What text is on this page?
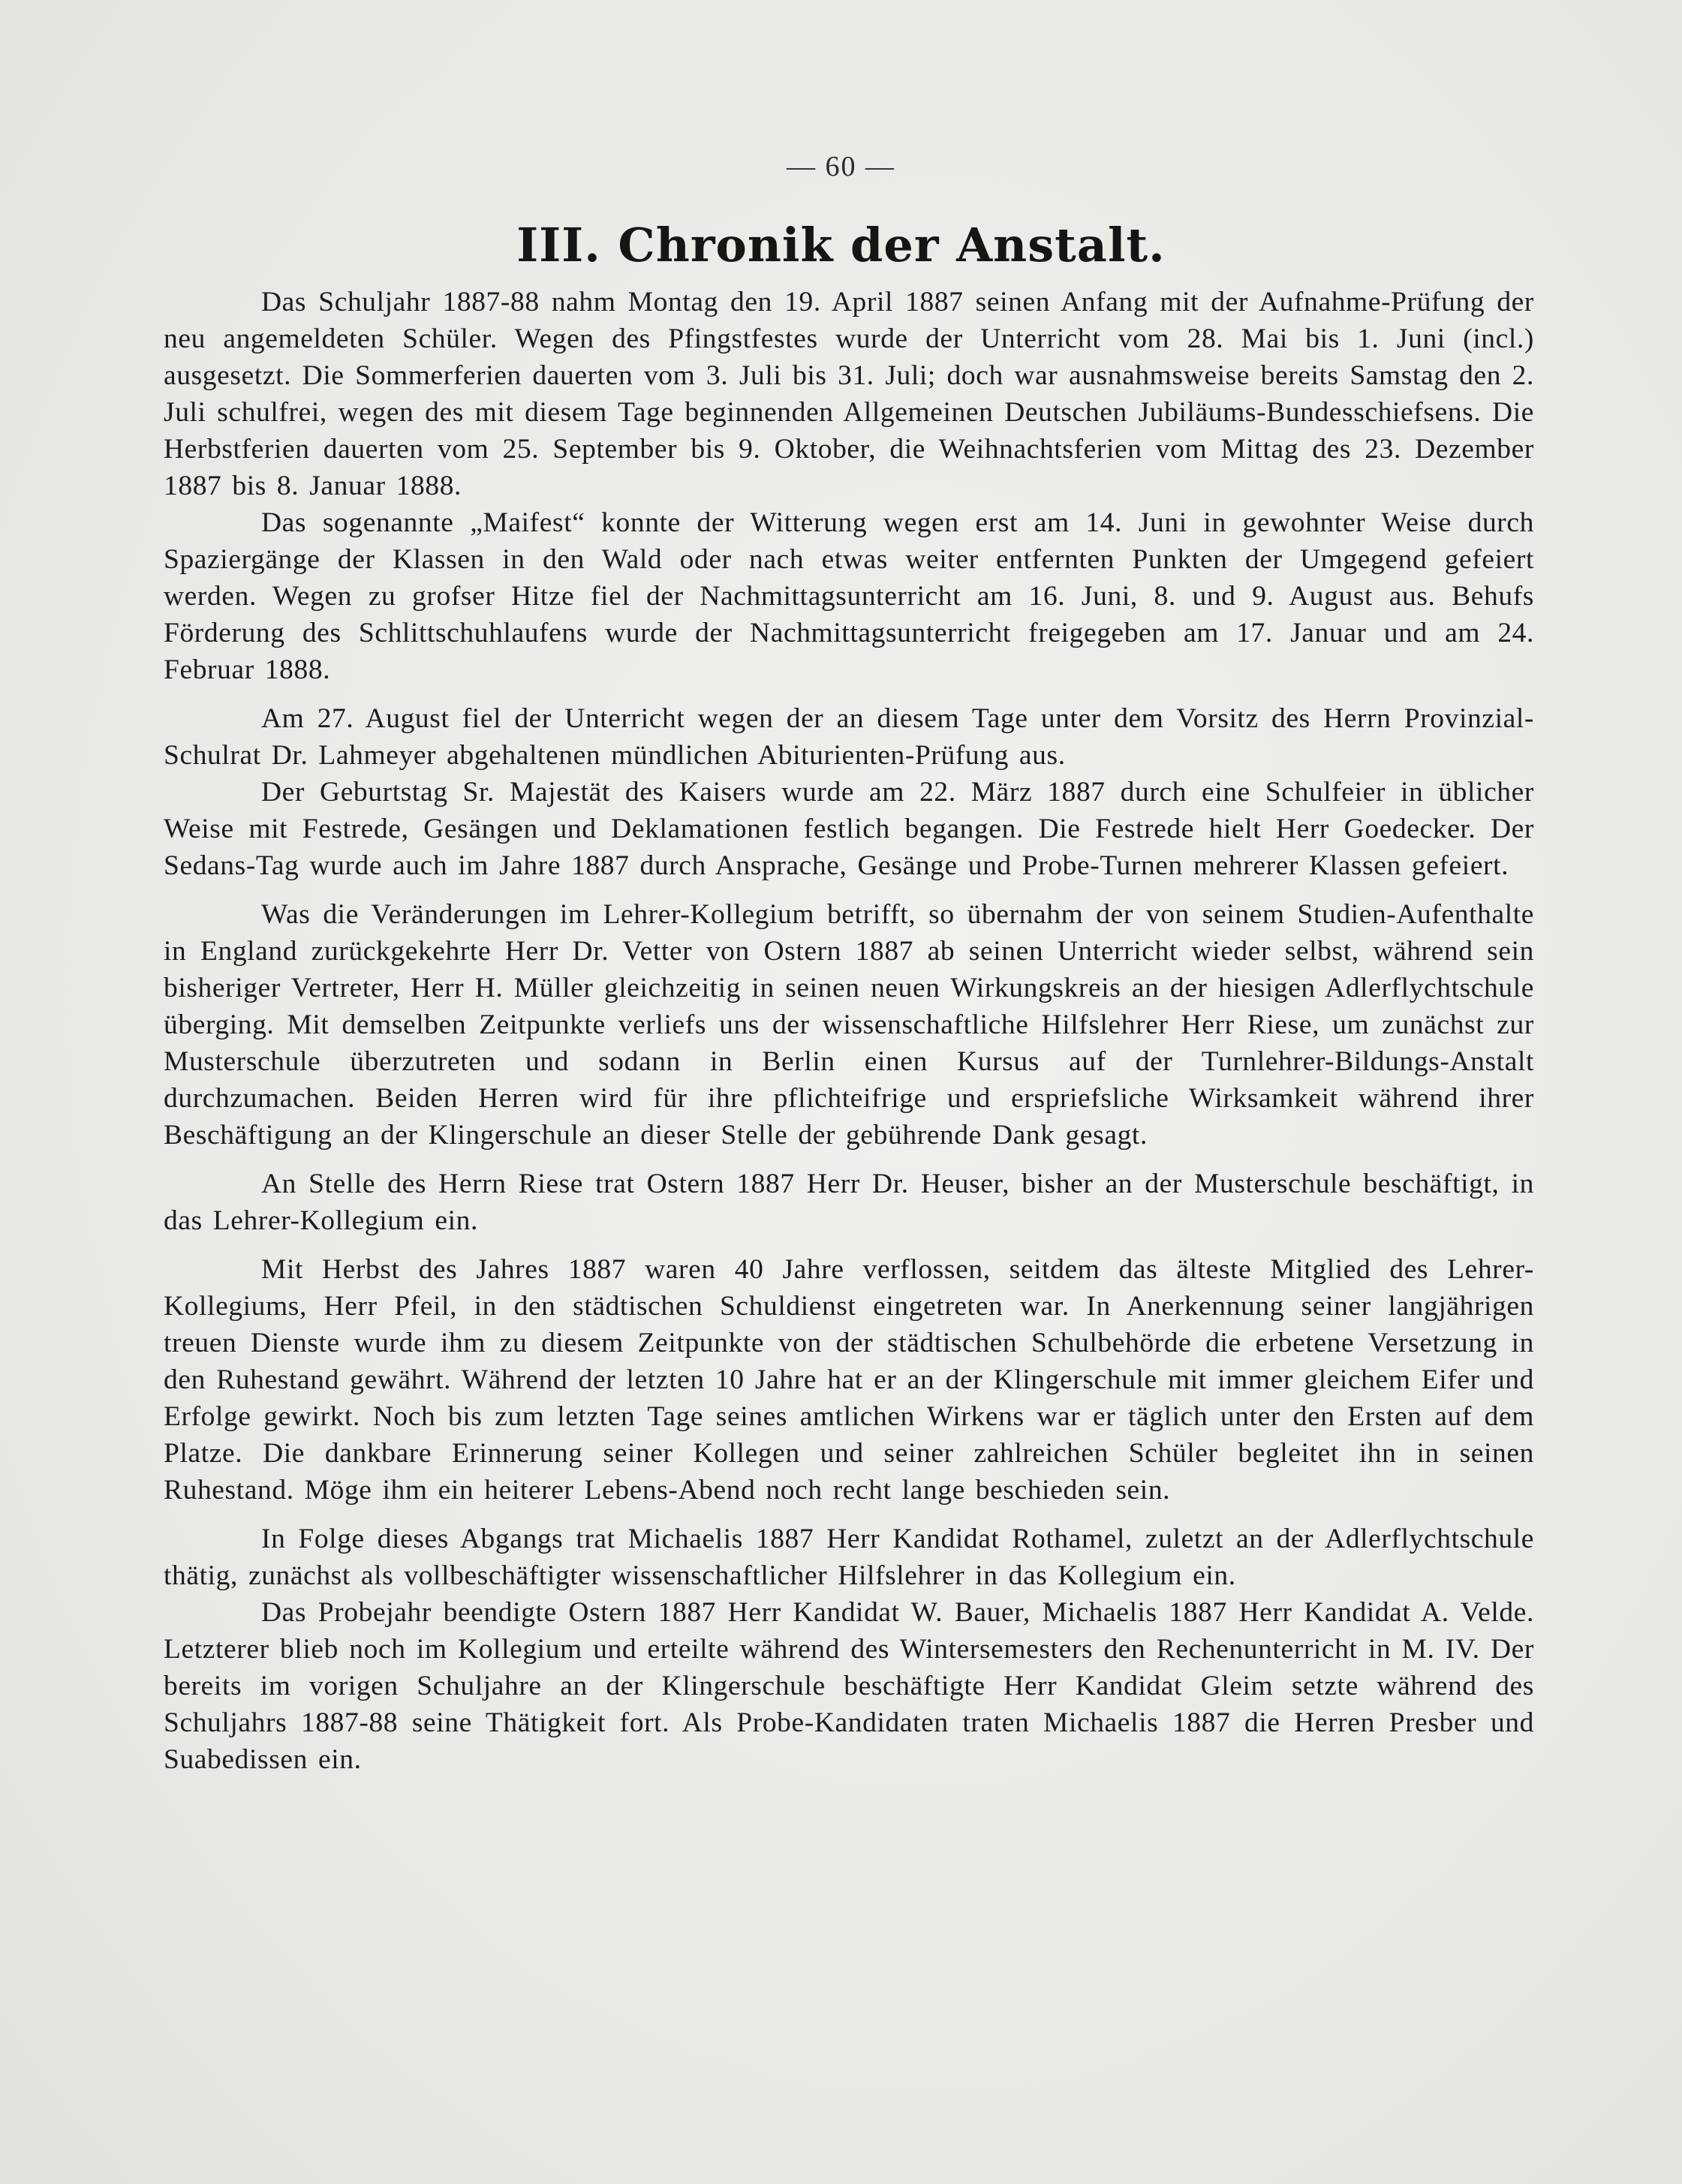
— 60 —
III. Chronik der Anstalt.

Das Schuljahr 1887-88 nahm Montag den 19. April 1887 seinen Anfang mit der Aufnahme-Prüfung der neu angemeldeten Schüler. Wegen des Pfingstfestes wurde der Unterricht vom 28. Mai bis 1. Juni (incl.) ausgesetzt. Die Sommerferien dauerten vom 3. Juli bis 31. Juli; doch war ausnahmsweise bereits Samstag den 2. Juli schulfrei, wegen des mit diesem Tage beginnenden Allgemeinen Deutschen Jubiläums-Bundesschiefsens. Die Herbstferien dauerten vom 25. September bis 9. Oktober, die Weihnachtsferien vom Mittag des 23. Dezember 1887 bis 8. Januar 1888.

Das sogenannte „Maifest“ konnte der Witterung wegen erst am 14. Juni in gewohnter Weise durch Spaziergänge der Klassen in den Wald oder nach etwas weiter entfernten Punkten der Umgegend gefeiert werden. Wegen zu grofser Hitze fiel der Nachmittagsunterricht am 16. Juni, 8. und 9. August aus. Behufs Förderung des Schlittschuhlaufens wurde der Nachmittagsunterricht freigegeben am 17. Januar und am 24. Februar 1888.

Am 27. August fiel der Unterricht wegen der an diesem Tage unter dem Vorsitz des Herrn Provinzial-Schulrat Dr. Lahmeyer abgehaltenen mündlichen Abiturienten-Prüfung aus.

Der Geburtstag Sr. Majestät des Kaisers wurde am 22. März 1887 durch eine Schulfeier in üblicher Weise mit Festrede, Gesängen und Deklamationen festlich begangen. Die Festrede hielt Herr Goedecker. Der Sedans-Tag wurde auch im Jahre 1887 durch Ansprache, Gesänge und Probe-Turnen mehrerer Klassen gefeiert.

Was die Veränderungen im Lehrer-Kollegium betrifft, so übernahm der von seinem Studien-Aufenthalte in England zurückgekehrte Herr Dr. Vetter von Ostern 1887 ab seinen Unterricht wieder selbst, während sein bisheriger Vertreter, Herr H. Müller gleichzeitig in seinen neuen Wirkungskreis an der hiesigen Adlerflychtschule überging. Mit demselben Zeitpunkte verliefs uns der wissenschaftliche Hilfslehrer Herr Riese, um zunächst zur Musterschule überzutreten und sodann in Berlin einen Kursus auf der Turnlehrer-Bildungs-Anstalt durchzumachen. Beiden Herren wird für ihre pflichteifrige und erspriefsliche Wirksamkeit während ihrer Beschäftigung an der Klingerschule an dieser Stelle der gebührende Dank gesagt.

An Stelle des Herrn Riese trat Ostern 1887 Herr Dr. Heuser, bisher an der Musterschule beschäftigt, in das Lehrer-Kollegium ein.

Mit Herbst des Jahres 1887 waren 40 Jahre verflossen, seitdem das älteste Mitglied des Lehrer-Kollegiums, Herr Pfeil, in den städtischen Schuldienst eingetreten war. In Anerkennung seiner langjährigen treuen Dienste wurde ihm zu diesem Zeitpunkte von der städtischen Schulbehörde die erbetene Versetzung in den Ruhestand gewährt. Während der letzten 10 Jahre hat er an der Klingerschule mit immer gleichem Eifer und Erfolge gewirkt. Noch bis zum letzten Tage seines amtlichen Wirkens war er täglich unter den Ersten auf dem Platze. Die dankbare Erinnerung seiner Kollegen und seiner zahlreichen Schüler begleitet ihn in seinen Ruhestand. Möge ihm ein heiterer Lebens-Abend noch recht lange beschieden sein.

In Folge dieses Abgangs trat Michaelis 1887 Herr Kandidat Rothamel, zuletzt an der Adlerflychtschule thätig, zunächst als vollbeschäftigter wissenschaftlicher Hilfslehrer in das Kollegium ein.

Das Probejahr beendigte Ostern 1887 Herr Kandidat W. Bauer, Michaelis 1887 Herr Kandidat A. Velde. Letzterer blieb noch im Kollegium und erteilte während des Wintersemesters den Rechenunterricht in M. IV. Der bereits im vorigen Schuljahre an der Klingerschule beschäftigte Herr Kandidat Gleim setzte während des Schuljahrs 1887-88 seine Thätigkeit fort. Als Probe-Kandidaten traten Michaelis 1887 die Herren Presber und Suabedissen ein.
